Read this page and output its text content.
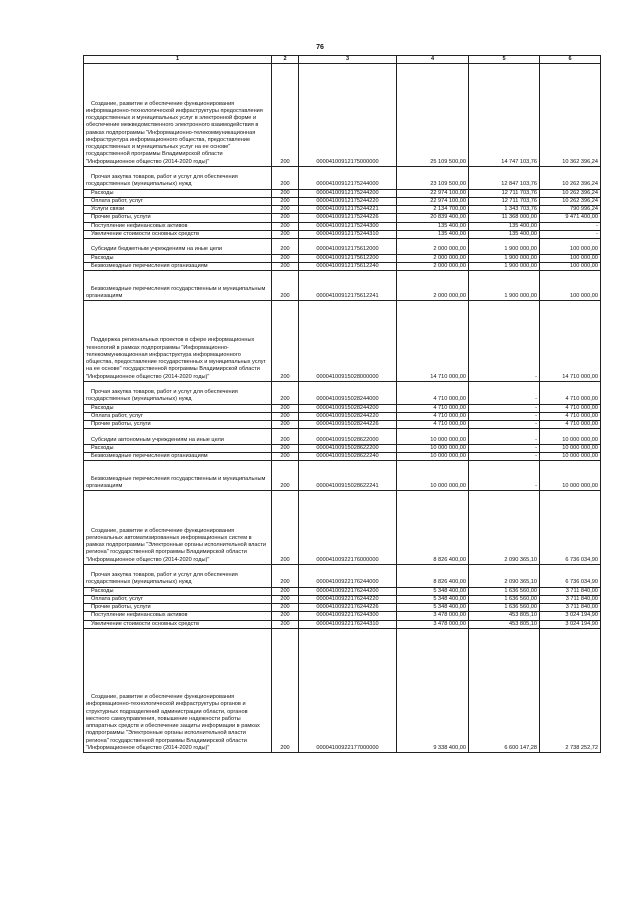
76
1	2	3	4	5	6
Создание, развитие и обеспечение функционирования информационно-технологической инфраструктуры предоставления государственных и муниципальных услуг в электронной форме и обеспечение межведомственного электронного взаимодействия в рамках подпрограммы "Информационно-телекоммуникационная инфраструктура информационного общества, предоставление государственных и муниципальных услуг на ее основе" государственной программы Владимирской области "Информационное общество (2014-2020 годы)"	200	00004100912175000000	25 109 500,00	14 747 103,76	10 362 396,24
Прочая закупка товаров, работ и услуг для обеспечения государственных (муниципальных) нужд	200	00004100912175244000	23 109 500,00	12 847 103,76	10 262 396,24
Расходы	200	00004100912175244200	22 974 100,00	12 711 703,76	10 262 396,24
Оплата работ, услуг	200	00004100912175244220	22 974 100,00	12 711 703,76	10 262 396,24
Услуги связи	200	00004100912175244221	2 134 700,00	1 343 703,76	790 996,24
Прочие работы, услуги	200	00004100912175244226	20 839 400,00	11 368 000,00	9 471 400,00
Поступление нефинансовых активов	200	00004100912175244300	135 400,00	135 400,00	-
Увеличение стоимости основных средств	200	00004100912175244310	135 400,00	135 400,00	-
Субсидии бюджетным учреждениям на иные цели	200	00004100912175612000	2 000 000,00	1 900 000,00	100 000,00
Расходы	200	00004100912175612200	2 000 000,00	1 900 000,00	100 000,00
Безвозмездные перечисления организациям	200	00004100912175612240	2 000 000,00	1 900 000,00	100 000,00
Безвозмездные перечисления государственным и муниципальным организациям	200	00004100912175612241	2 000 000,00	1 900 000,00	100 000,00
Поддержка региональных проектов в сфере информационных технологий в рамках подпрограммы "Информационно-телекоммуникационная инфраструктура информационного общества, предоставление государственных и муниципальных услуг на ее основе" государственной программы Владимирской области "Информационное общество (2014-2020 годы)"	200	00004100915028000000	14 710 000,00	-	14 710 000,00
Прочая закупка товаров, работ и услуг для обеспечения государственных (муниципальных) нужд	200	00004100915028244000	4 710 000,00	-	4 710 000,00
Расходы	200	00004100915028244200	4 710 000,00	-	4 710 000,00
Оплата работ, услуг	200	00004100915028244220	4 710 000,00	-	4 710 000,00
Прочие работы, услуги	200	00004100915028244226	4 710 000,00	-	4 710 000,00
Субсидии автономным учреждениям на иные цели	200	00004100915028622000	10 000 000,00	-	10 000 000,00
Расходы	200	00004100915028622200	10 000 000,00	-	10 000 000,00
Безвозмездные перечисления организациям	200	00004100915028622240	10 000 000,00	-	10 000 000,00
Безвозмездные перечисления государственным и муниципальным организациям	200	00004100915028622241	10 000 000,00	-	10 000 000,00
Создание, развитие и обеспечение функционирования региональных автоматизированных информационных систем в рамках подпрограммы "Электронные органы исполнительной власти региона" государственной программы Владимирской области "Информационное общество (2014-2020 годы)"	200	00004100922176000000	8 826 400,00	2 090 365,10	6 736 034,90
Прочая закупка товаров, работ и услуг для обеспечения государственных (муниципальных) нужд	200	00004100922176244000	8 826 400,00	2 090 365,10	6 736 034,90
Расходы	200	00004100922176244200	5 348 400,00	1 636 560,00	3 711 840,00
Оплата работ, услуг	200	00004100922176244220	5 348 400,00	1 636 560,00	3 711 840,00
Прочие работы, услуги	200	00004100922176244226	5 348 400,00	1 636 560,00	3 711 840,00
Поступление нефинансовых активов	200	00004100922176244300	3 478 000,00	453 805,10	3 024 194,90
Увеличение стоимости основных средств	200	00004100922176244310	3 478 000,00	453 805,10	3 024 194,90
Создание, развитие и обеспечение функционирования информационно-технологической инфраструктуры органов и структурных подразделений администрации области, органов местного самоуправления, повышение надежности работы аппаратных средств и обеспечение защиты информации в рамках подпрограммы "Электронные органы исполнительной власти региона" государственной программы Владимирской области "Информационное общество (2014-2020 годы)"	200	00004100922177000000	9 338 400,00	6 600 147,28	2 738 252,72
